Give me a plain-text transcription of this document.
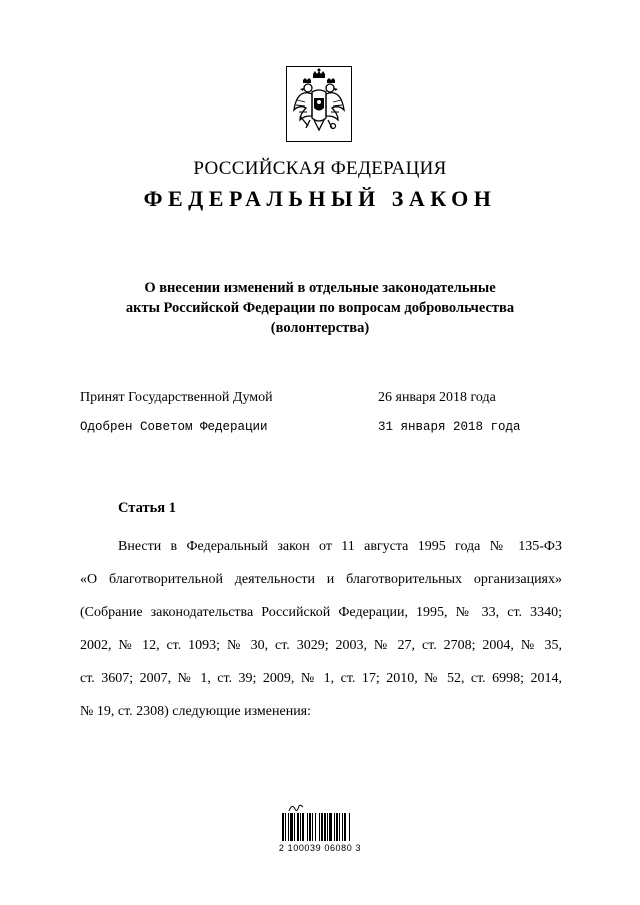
РОССИЙСКАЯ ФЕДЕРАЦИЯ
ФЕДЕРАЛЬНЫЙ ЗАКОН
О внесении изменений в отдельные законодательные
акты Российской Федерации по вопросам добровольчества
(волонтерства)
Принят Государственной Думой	26 января 2018 года
Одобрен Советом Федерации	31 января 2018 года
Статья 1
Внести в Федеральный закон от 11 августа 1995 года № 135-ФЗ
«О благотворительной деятельности и благотворительных организациях»
(Собрание законодательства Российской Федерации, 1995, № 33, ст. 3340;
2002, № 12, ст. 1093; № 30, ст. 3029; 2003, № 27, ст. 2708; 2004, № 35,
ст. 3607; 2007, № 1, ст. 39; 2009, № 1, ст. 17; 2010, № 52, ст. 6998; 2014,
№ 19, ст. 2308) следующие изменения:
2 100039 06080 3
